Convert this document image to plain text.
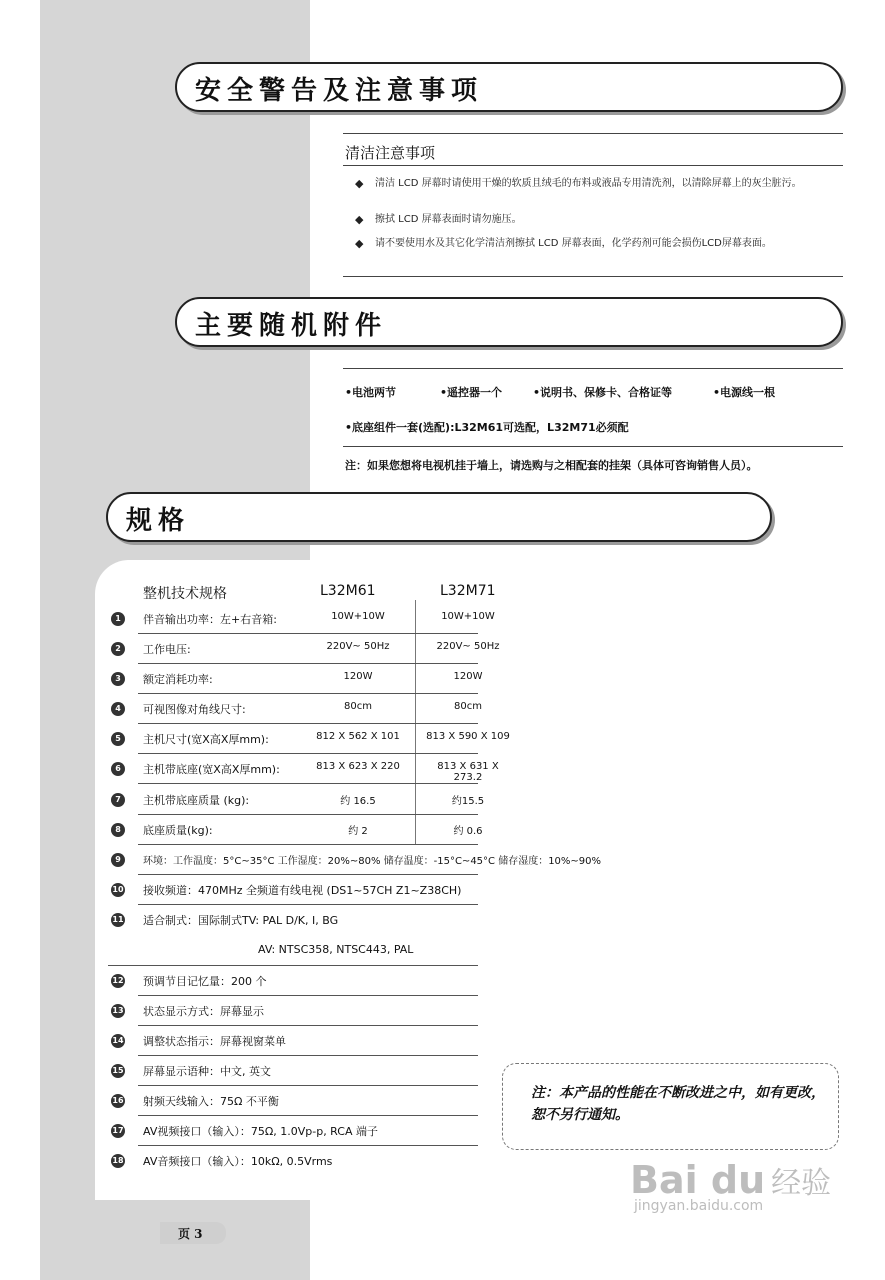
安全警告及注意事项
清洁注意事项
◆ 清洁 LCD 屏幕时请使用干燥的软质且绒毛的布料或液晶专用清洗剂，以清除屏幕上的灰尘脏污。
◆ 擦拭 LCD 屏幕表面时请勿施压。
◆ 请不要使用水及其它化学清洁剂擦拭 LCD 屏幕表面，化学药剂可能会损伤LCD屏幕表面。
主要随机附件
•电池两节	•遥控器一个	•说明书、保修卡、合格证等	•电源线一根
•底座组件一套(选配):L32M61可选配，L32M71必须配
注：如果您想将电视机挂于墙上，请选购与之相配套的挂架（具体可咨询销售人员）。
规格
整机技术规格	L32M61	L32M71
1	伴音输出功率：左+右音箱:	10W+10W	10W+10W
2	工作电压:	220V~ 50Hz	220V~ 50Hz
3	额定消耗功率:	120W	120W
4	可视图像对角线尺寸:	80cm	80cm
5	主机尺寸(宽X高X厚mm):	812 X 562 X 101	813 X 590 X 109
6	主机带底座(宽X高X厚mm):	813 X 623 X 220	813 X 631 X 273.2
7	主机带底座质量 (kg):	约 16.5	约15.5
8	底座质量(kg):	约 2	约 0.6
9	环境：工作温度：5°C~35°C 工作湿度：20%~80% 储存温度：-15°C~45°C 储存湿度：10%~90%
10 接收频道：470MHz 全频道有线电视 (DS1~57CH Z1~Z38CH)
11 适合制式：国际制式TV: PAL D/K, I, BG
AV: NTSC358, NTSC443, PAL
12 预调节目记忆量：200 个
13 状态显示方式：屏幕显示
14 调整状态指示：屏幕视窗菜单
15 屏幕显示语种：中文, 英文
16 射频天线输入：75Ω 不平衡
17 AV视频接口（输入）：75Ω, 1.0Vp-p, RCA 端子
18 AV音频接口（输入）：10kΩ, 0.5Vrms
注：本产品的性能在不断改进之中，如有更改，恕不另行通知。
页 3
Bai du 经验
jingyan.baidu.com
